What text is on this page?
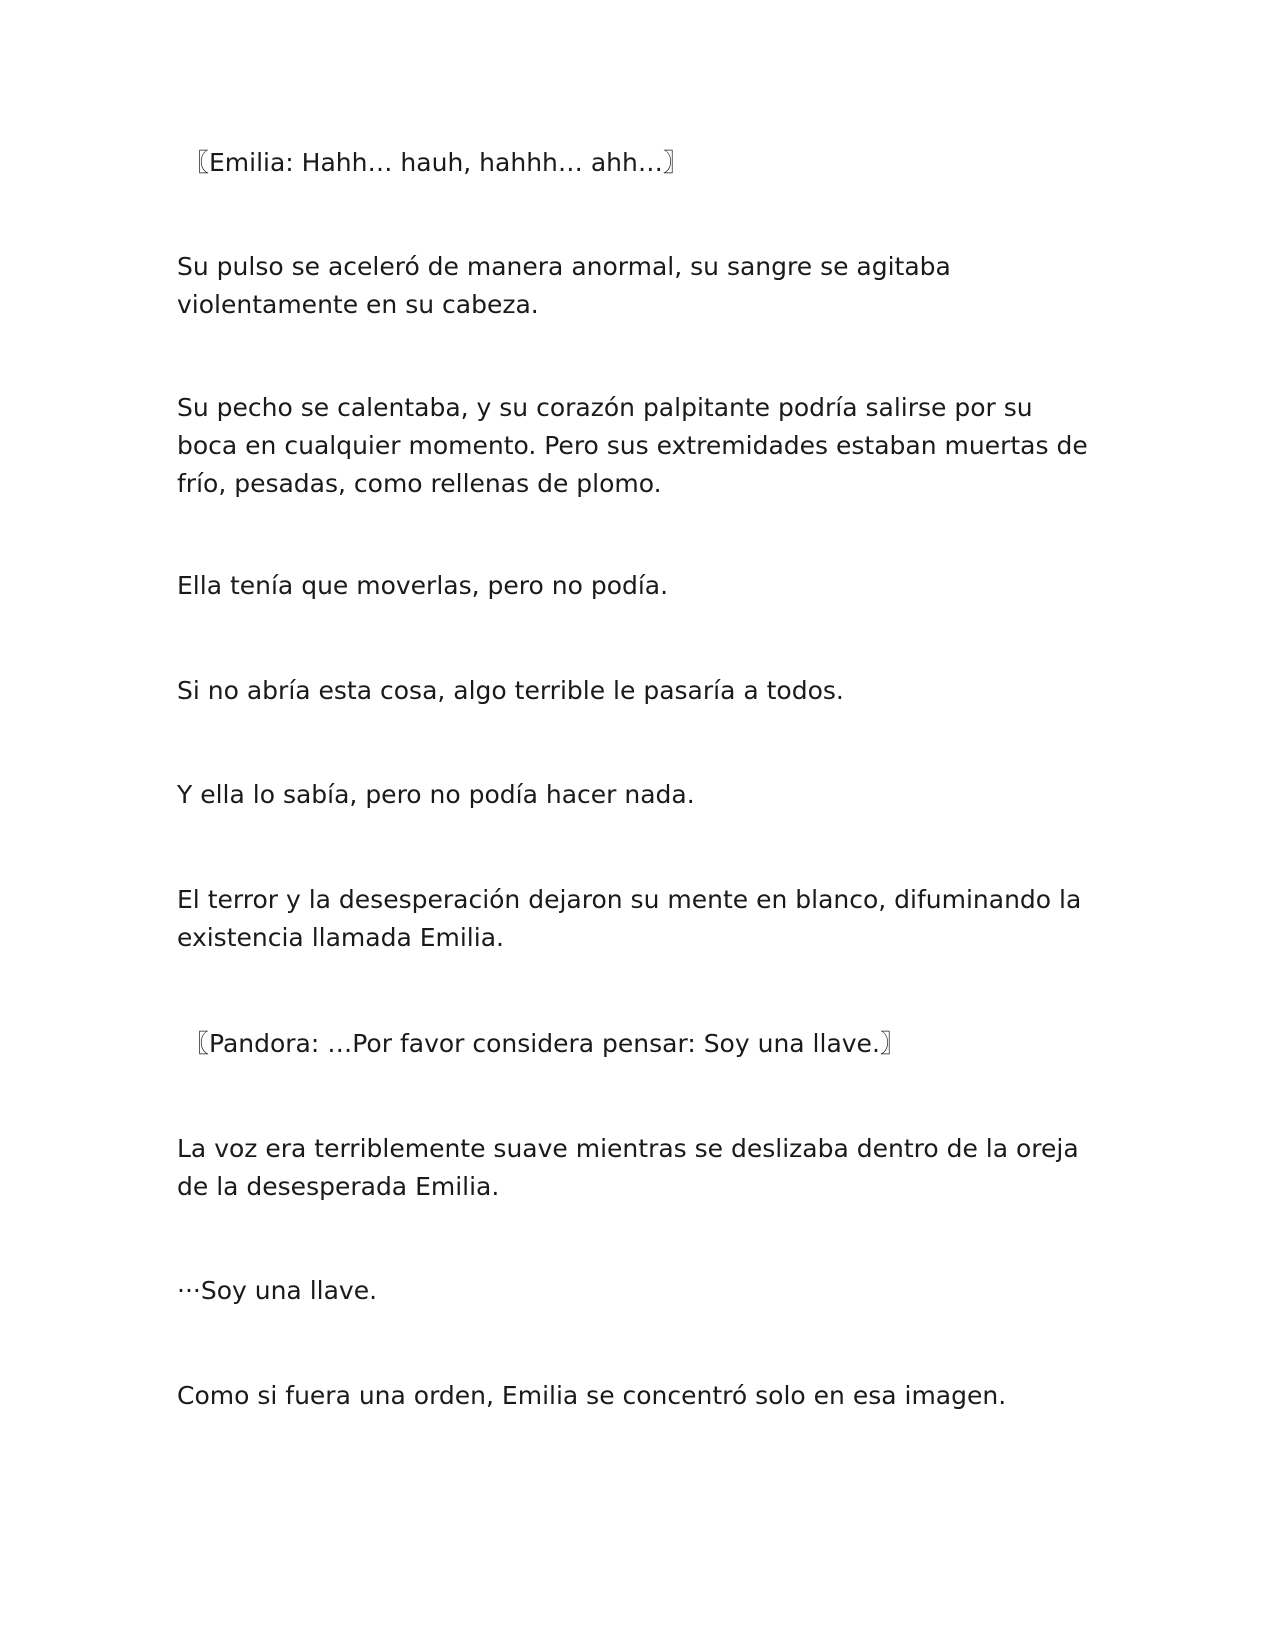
〖Emilia: Hahh… hauh, hahhh… ahh…〗

Su pulso se aceleró de manera anormal, su sangre se agitaba violentamente en su cabeza.

Su pecho se calentaba, y su corazón palpitante podría salirse por su boca en cualquier momento. Pero sus extremidades estaban muertas de frío, pesadas, como rellenas de plomo.

Ella tenía que moverlas, pero no podía.

Si no abría esta cosa, algo terrible le pasaría a todos.

Y ella lo sabía, pero no podía hacer nada.

El terror y la desesperación dejaron su mente en blanco, difuminando la existencia llamada Emilia.

〖Pandora: …Por favor considera pensar: Soy una llave.〗

La voz era terriblemente suave mientras se deslizaba dentro de la oreja de la desesperada Emilia.

···Soy una llave.

Como si fuera una orden, Emilia se concentró solo en esa imagen.
